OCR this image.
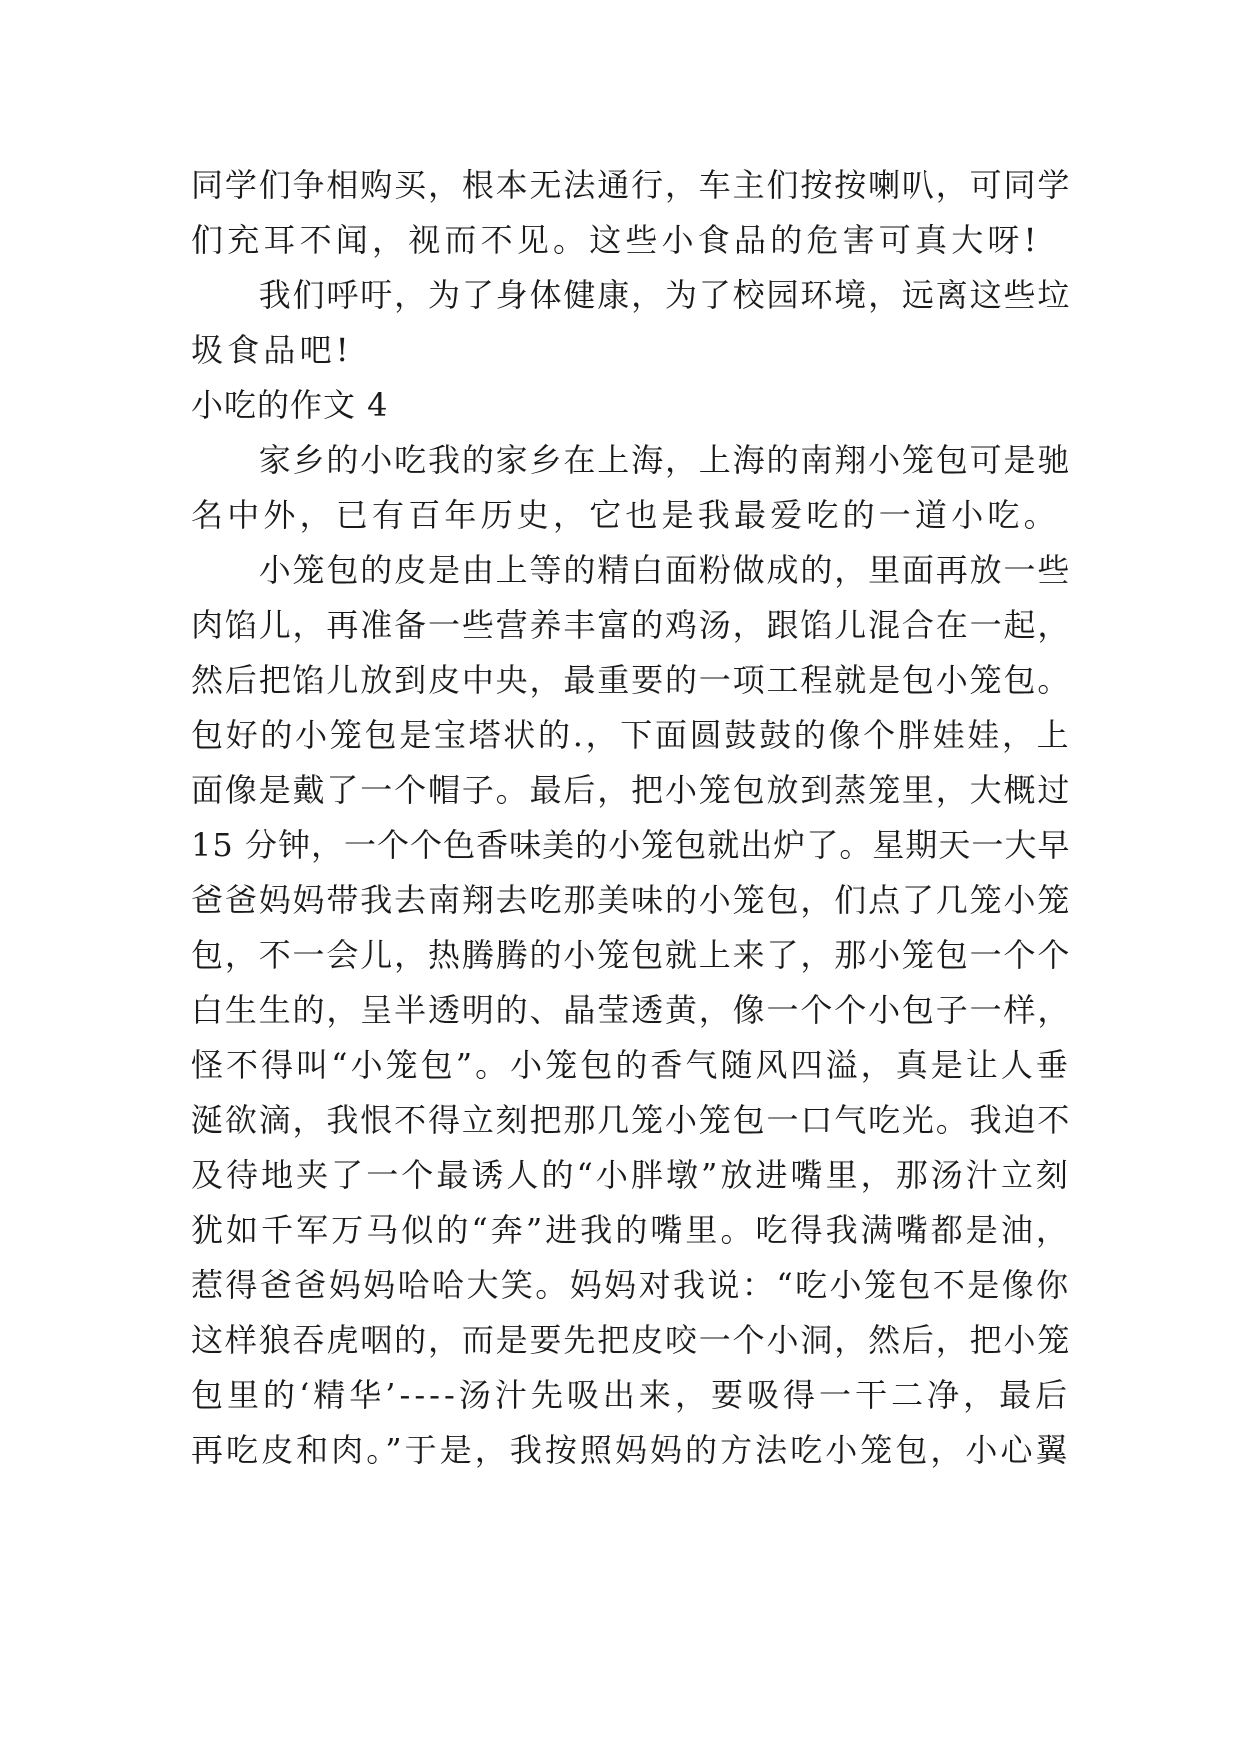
同学们争相购买，根本无法通行，车主们按按喇叭，可同学
们充耳不闻，视而不见。这些小食品的危害可真大呀!
　　我们呼吁，为了身体健康，为了校园环境，远离这些垃
圾食品吧!
小吃的作文 4
　　家乡的小吃我的家乡在上海，上海的南翔小笼包可是驰
名中外，已有百年历史，它也是我最爱吃的一道小吃。
　　小笼包的皮是由上等的精白面粉做成的，里面再放一些
肉馅儿，再准备一些营养丰富的鸡汤，跟馅儿混合在一起，
然后把馅儿放到皮中央，最重要的一项工程就是包小笼包。
包好的小笼包是宝塔状的.，下面圆鼓鼓的像个胖娃娃，上
面像是戴了一个帽子。最后，把小笼包放到蒸笼里，大概过
15 分钟，一个个色香味美的小笼包就出炉了。星期天一大早
爸爸妈妈带我去南翔去吃那美味的小笼包，们点了几笼小笼
包，不一会儿，热腾腾的小笼包就上来了，那小笼包一个个
白生生的，呈半透明的、晶莹透黄，像一个个小包子一样，
怪不得叫“小笼包”。小笼包的香气随风四溢，真是让人垂
涎欲滴，我恨不得立刻把那几笼小笼包一口气吃光。我迫不
及待地夹了一个最诱人的“小胖墩”放进嘴里，那汤汁立刻
犹如千军万马似的“奔”进我的嘴里。吃得我满嘴都是油，
惹得爸爸妈妈哈哈大笑。妈妈对我说：“吃小笼包不是像你
这样狼吞虎咽的，而是要先把皮咬一个小洞，然后，把小笼
包里的‘精华’----汤汁先吸出来，要吸得一干二净，最后
再吃皮和肉。”于是，我按照妈妈的方法吃小笼包，小心翼
